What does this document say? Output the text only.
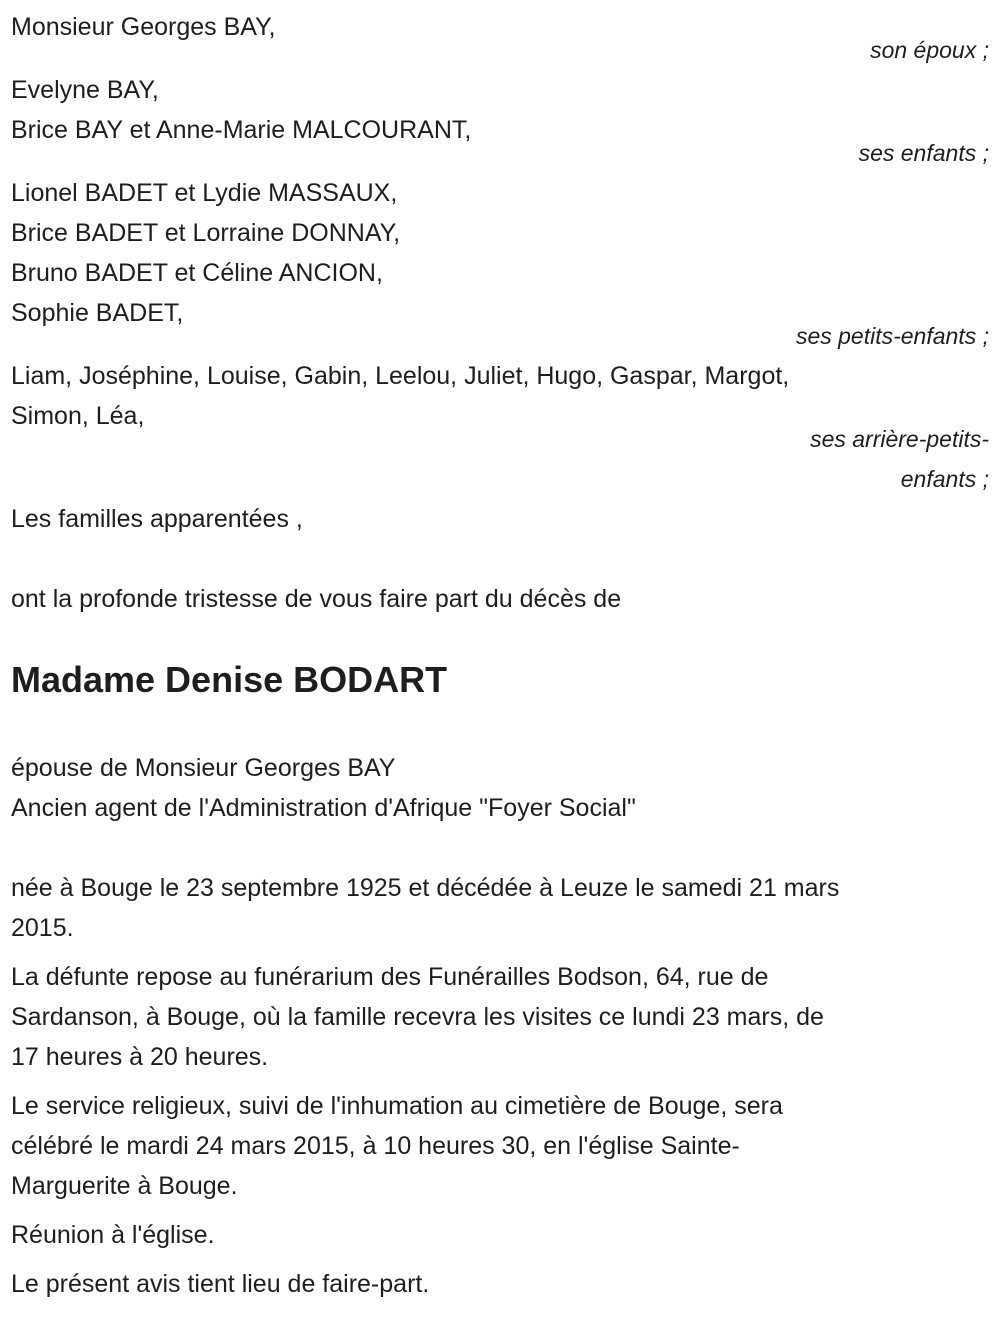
Monsieur Georges BAY,
son époux ;
Evelyne BAY,
Brice BAY et Anne-Marie MALCOURANT,
ses enfants ;
Lionel BADET et Lydie MASSAUX,
Brice BADET et Lorraine DONNAY,
Bruno BADET et Céline ANCION,
Sophie BADET,
ses petits-enfants ;
Liam, Joséphine, Louise, Gabin, Leelou, Juliet, Hugo, Gaspar, Margot,
Simon, Léa,
ses arrière-petits-
enfants ;
Les familles apparentées ,
ont la profonde tristesse de vous faire part du décès de
Madame Denise BODART
épouse de Monsieur Georges BAY
Ancien agent de l'Administration d'Afrique "Foyer Social"
née à Bouge le 23 septembre 1925 et décédée à Leuze le samedi 21 mars
2015.
La défunte repose au funérarium des Funérailles Bodson, 64, rue de
Sardanson, à Bouge, où la famille recevra les visites ce lundi 23 mars, de
17 heures à 20 heures.
Le service religieux, suivi de l'inhumation au cimetière de Bouge, sera
célébré le mardi 24 mars 2015, à 10 heures 30, en l'église Sainte-
Marguerite à Bouge.
Réunion à l'église.
Le présent avis tient lieu de faire-part.
